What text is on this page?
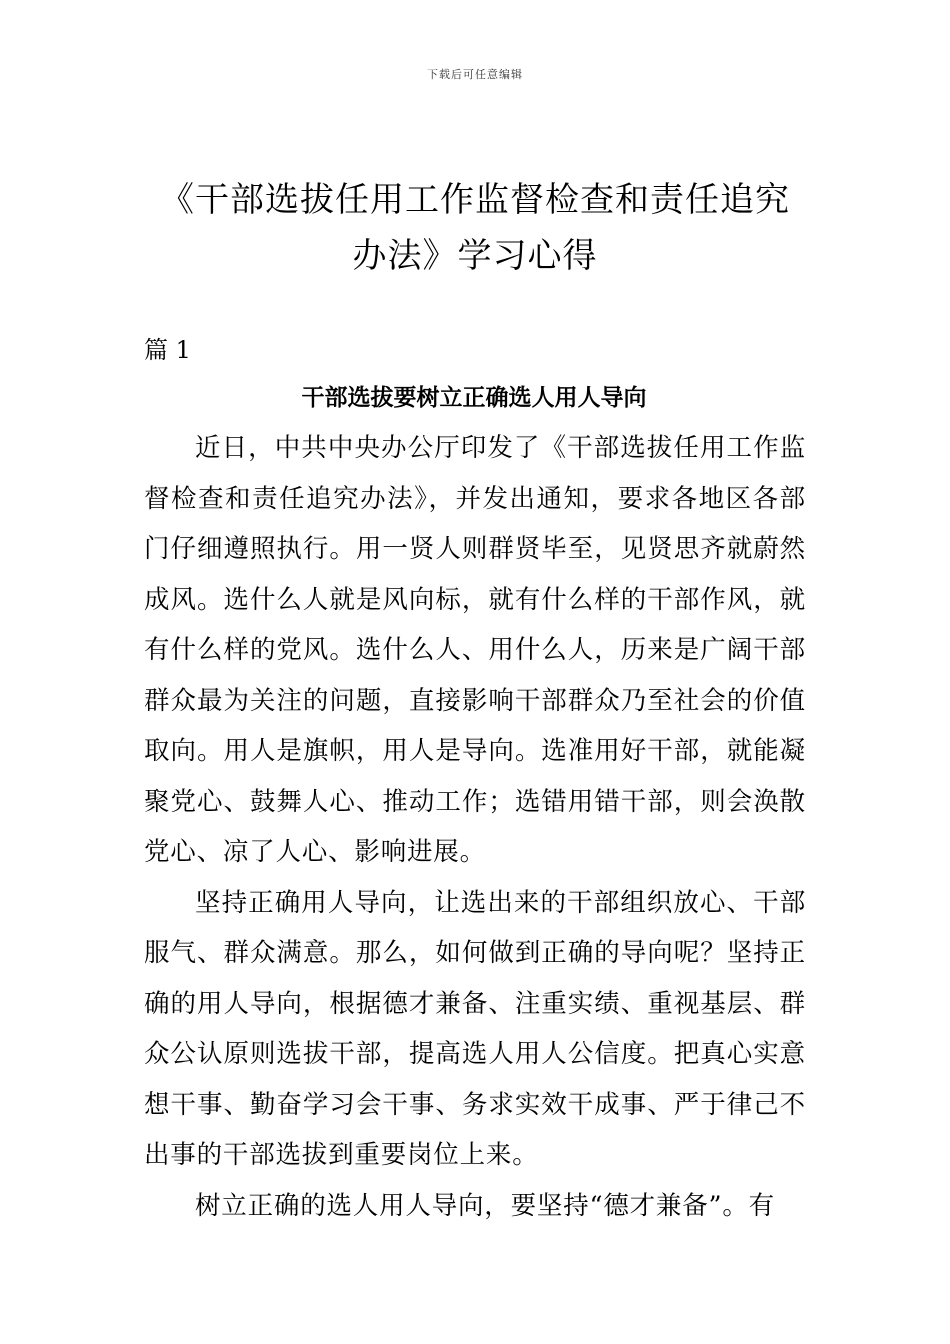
下载后可任意编辑
《干部选拔任用工作监督检查和责任追究
办法》学习心得
篇 1
干部选拔要树立正确选人用人导向

近日，中共中央办公厅印发了《干部选拔任用工作监督检查和责任追究办法》，并发出通知，要求各地区各部门仔细遵照执行。用一贤人则群贤毕至，见贤思齐就蔚然成风。选什么人就是风向标，就有什么样的干部作风，就有什么样的党风。选什么人、用什么人，历来是广阔干部群众最为关注的问题，直接影响干部群众乃至社会的价值取向。用人是旗帜，用人是导向。选准用好干部，就能凝聚党心、鼓舞人心、推动工作；选错用错干部，则会涣散党心、凉了人心、影响进展。

坚持正确用人导向，让选出来的干部组织放心、干部服气、群众满意。那么，如何做到正确的导向呢？坚持正确的用人导向，根据德才兼备、注重实绩、重视基层、群众公认原则选拔干部，提高选人用人公信度。把真心实意想干事、勤奋学习会干事、务求实效干成事、严于律己不出事的干部选拔到重要岗位上来。

树立正确的选人用人导向，要坚持“德才兼备”。有
